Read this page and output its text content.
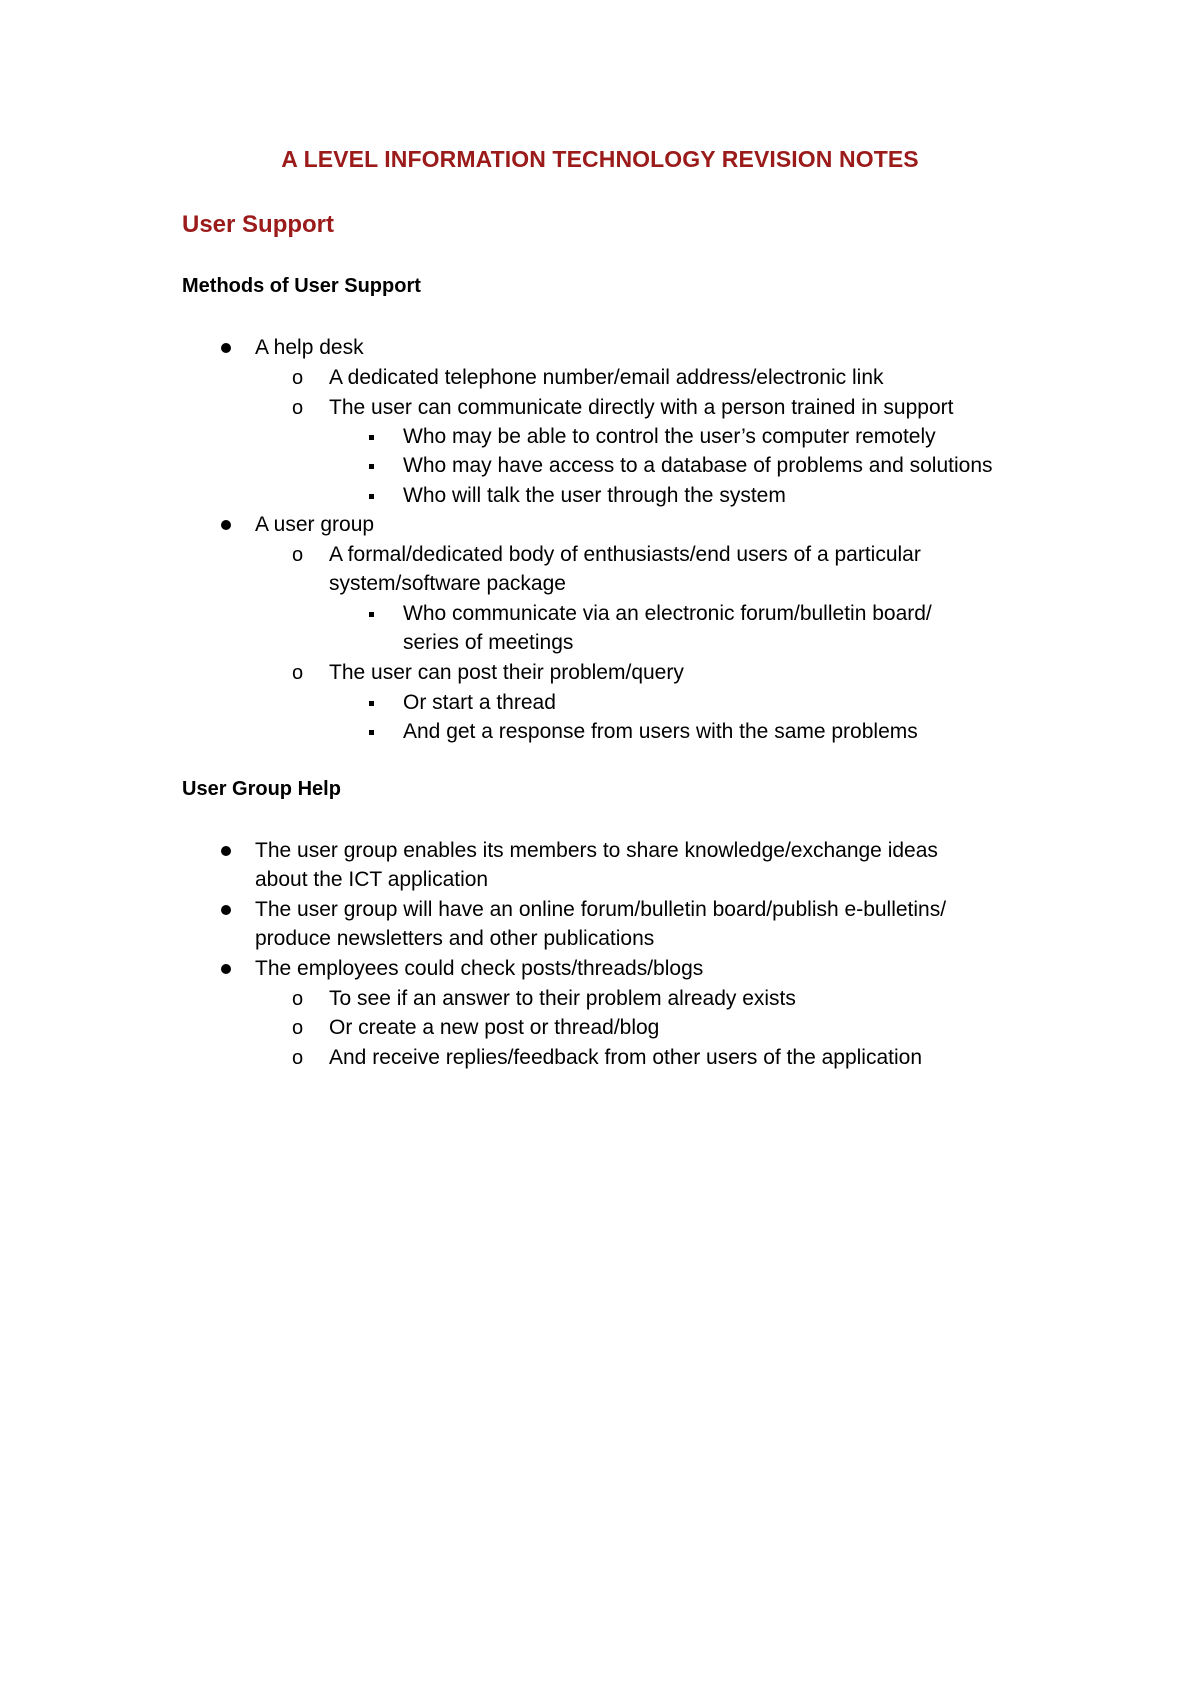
A LEVEL INFORMATION TECHNOLOGY REVISION NOTES
User Support
Methods of User Support
A help desk
o A dedicated telephone number/email address/electronic link
o The user can communicate directly with a person trained in support
Who may be able to control the user’s computer remotely
Who may have access to a database of problems and solutions
Who will talk the user through the system
A user group
o A formal/dedicated body of enthusiasts/end users of a particular
system/software package
Who communicate via an electronic forum/bulletin board/
series of meetings
o The user can post their problem/query
Or start a thread
And get a response from users with the same problems
User Group Help
The user group enables its members to share knowledge/exchange ideas
about the ICT application
The user group will have an online forum/bulletin board/publish e-bulletins/
produce newsletters and other publications
The employees could check posts/threads/blogs
o To see if an answer to their problem already exists
o Or create a new post or thread/blog
o And receive replies/feedback from other users of the application
